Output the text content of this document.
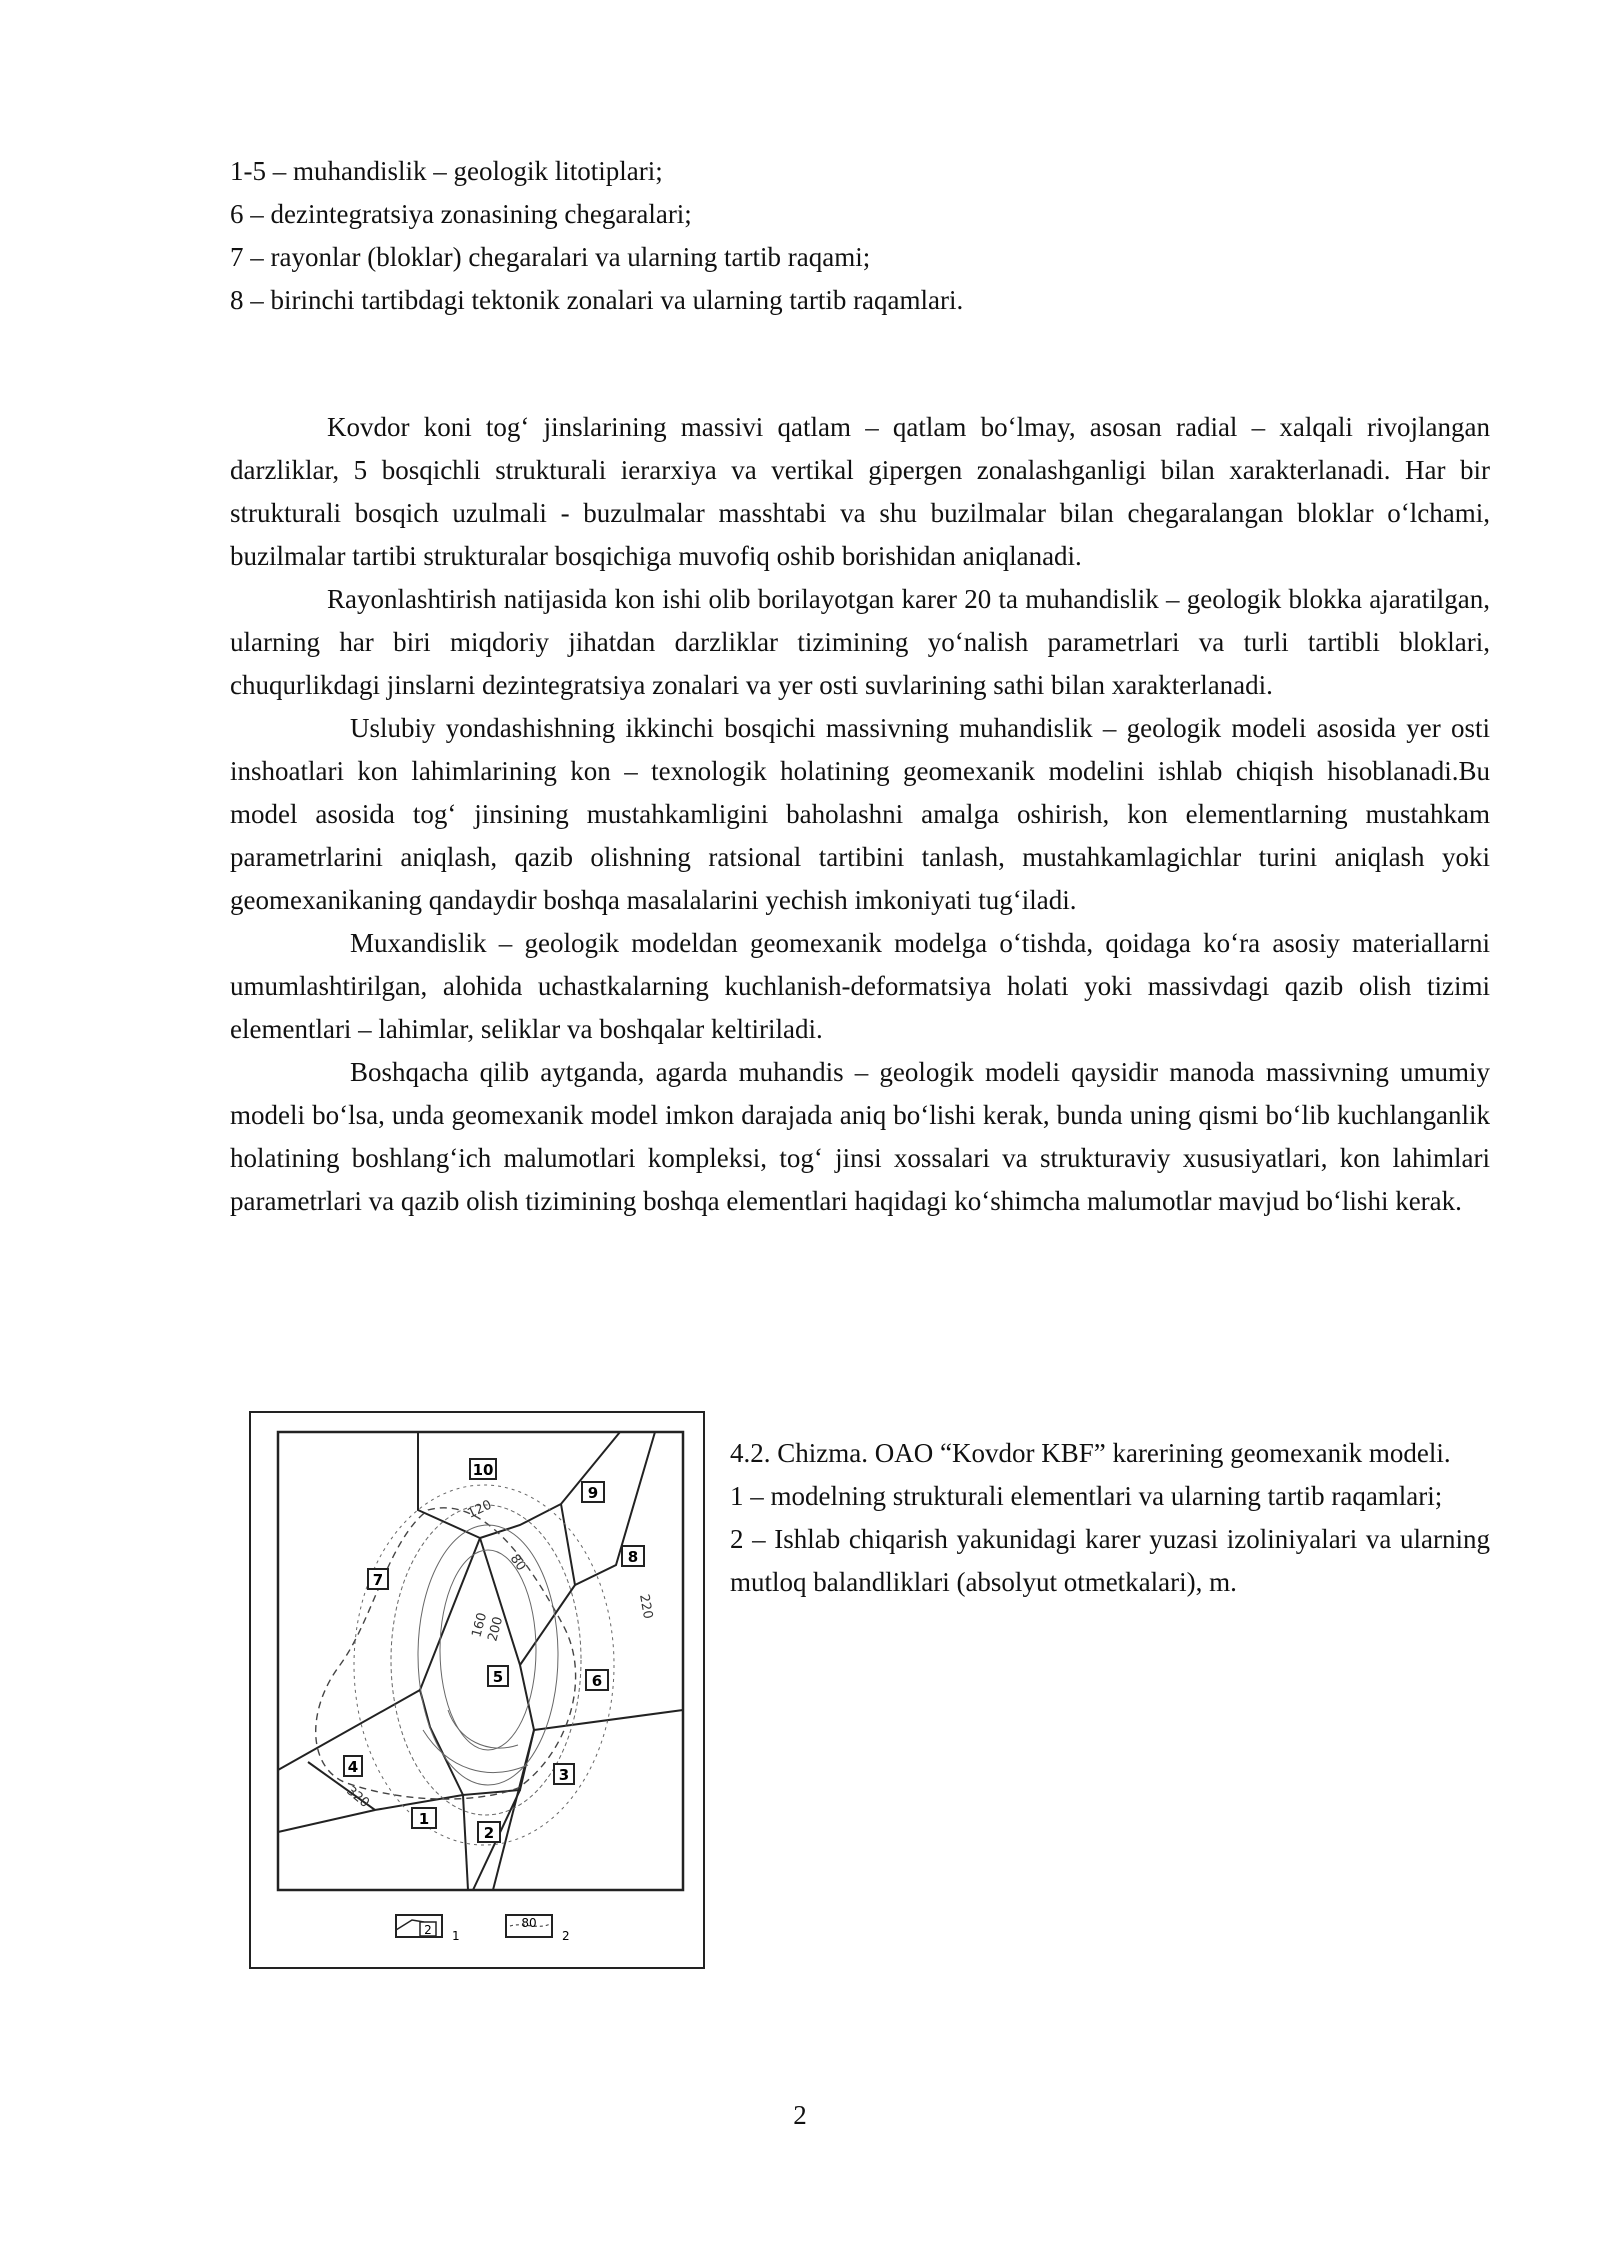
1-5 – muhandislik – geologik litotiplari;
6 – dezintegratsiya zonasining chegaralari;
7 – rayonlar (bloklar) chegaralari va ularning tartib raqami;
8 – birinchi tartibdagi tektonik zonalari va ularning tartib raqamlari.

Kovdor koni tog‘ jinslarining massivi qatlam – qatlam bo‘lmay, asosan radial – xalqali rivojlangan darzliklar, 5 bosqichli strukturali ierarxiya va vertikal gipergen zonalashganligi bilan xarakterlanadi. Har bir strukturali bosqich uzulmali - buzulmalar masshtabi va shu buzilmalar bilan chegaralangan bloklar o‘lchami, buzilmalar tartibi strukturalar bosqichiga muvofiq oshib borishidan aniqlanadi.

Rayonlashtirish natijasida kon ishi olib borilayotgan karer 20 ta muhandislik – geologik blokka ajaratilgan, ularning har biri miqdoriy jihatdan darzliklar tizimining yo‘nalish parametrlari va turli tartibli bloklari, chuqurlikdagi jinslarni dezintegratsiya zonalari va yer osti suvlarining sathi bilan xarakterlanadi.

Uslubiy yondashishning ikkinchi bosqichi massivning muhandislik – geologik modeli asosida yer osti inshoatlari kon lahimlarining kon – texnologik holatining geomexanik modelini ishlab chiqish hisoblanadi.Bu model asosida tog‘ jinsining mustahkamligini baholashni amalga oshirish, kon elementlarning mustahkam parametrlarini aniqlash, qazib olishning ratsional tartibini tanlash, mustahkamlagichlar turini aniqlash yoki geomexanikaning qandaydir boshqa masalalarini yechish imkoniyati tug‘iladi.

Muxandislik – geologik modeldan geomexanik modelga o‘tishda, qoidaga ko‘ra asosiy materiallarni umumlashtirilgan, alohida uchastkalarning kuchlanish-deformatsiya holati yoki massivdagi qazib olish tizimi elementlari – lahimlar, seliklar va boshqalar keltiriladi.

Boshqacha qilib aytganda, agarda muhandis – geologik modeli qaysidir manoda massivning umumiy modeli bo‘lsa, unda geomexanik model imkon darajada aniq bo‘lishi kerak, bunda uning qismi bo‘lib kuchlanganlik holatining boshlang‘ich malumotlari kompleksi, tog‘ jinsi xossalari va strukturaviy xususiyatlari, kon lahimlari parametrlari va qazib olish tizimining boshqa elementlari haqidagi ko‘shimcha malumotlar mavjud bo‘lishi kerak.

120
80
220
160
200
320
10
9
8
7
6
5
4	3
2
1
2 1
80
2

4.2. Chizma. OAO “Kovdor KBF” karerining geomexanik modeli.

1 – modelning strukturali elementlari va ularning tartib raqamlari;

2 – Ishlab chiqarish yakunidagi karer yuzasi izoliniyalari va ularning mutloq balandliklari (absolyut otmetkalari), m.

2
